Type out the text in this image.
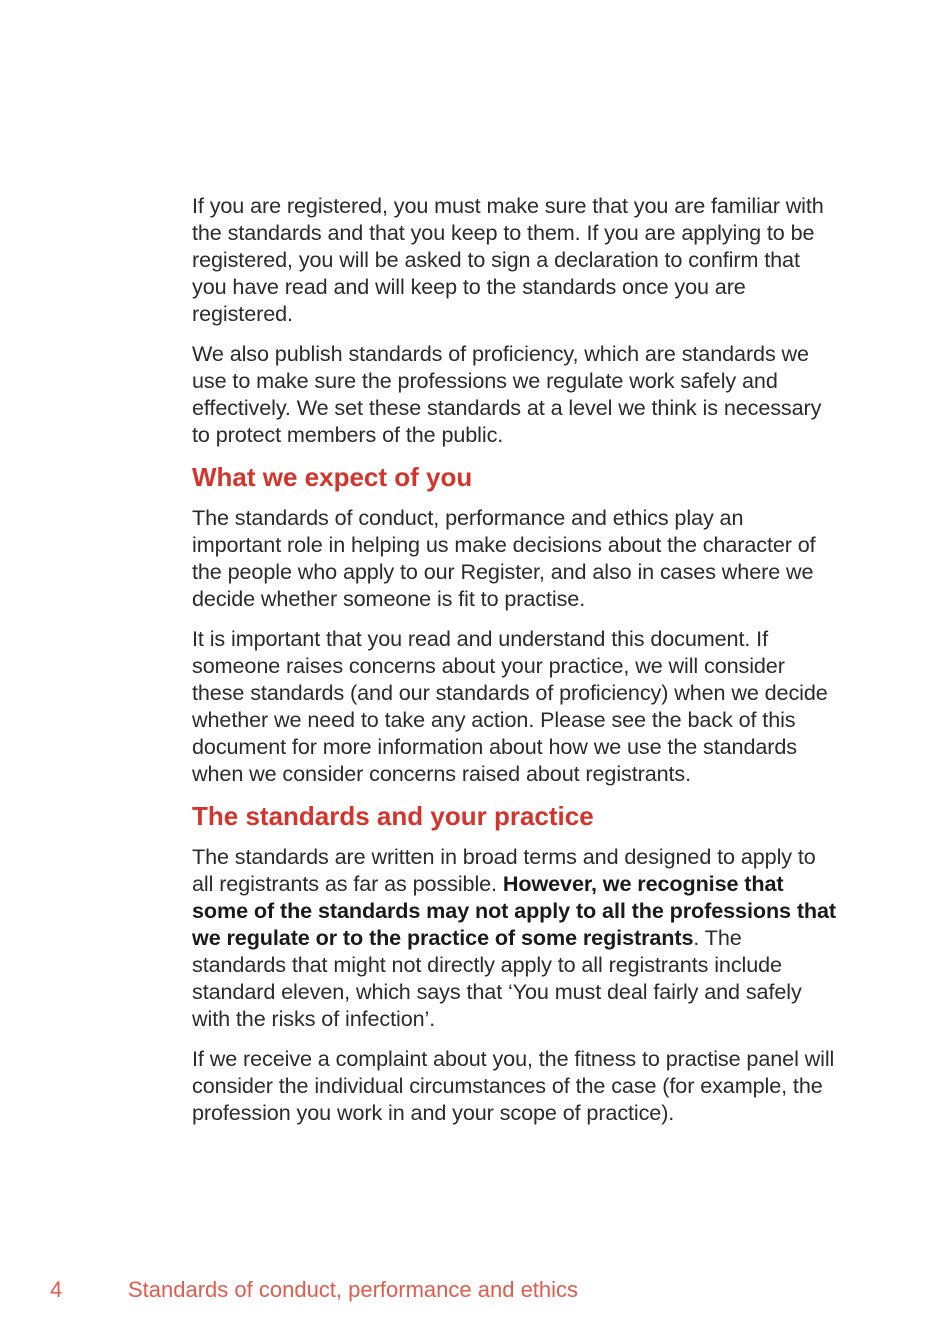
If you are registered, you must make sure that you are familiar with the standards and that you keep to them. If you are applying to be registered, you will be asked to sign a declaration to confirm that you have read and will keep to the standards once you are registered.

We also publish standards of proficiency, which are standards we use to make sure the professions we regulate work safely and effectively. We set these standards at a level we think is necessary to protect members of the public.

What we expect of you

The standards of conduct, performance and ethics play an important role in helping us make decisions about the character of the people who apply to our Register, and also in cases where we decide whether someone is fit to practise.

It is important that you read and understand this document. If someone raises concerns about your practice, we will consider these standards (and our standards of proficiency) when we decide whether we need to take any action. Please see the back of this document for more information about how we use the standards when we consider concerns raised about registrants.

The standards and your practice

The standards are written in broad terms and designed to apply to all registrants as far as possible. However, we recognise that some of the standards may not apply to all the professions that we regulate or to the practice of some registrants. The standards that might not directly apply to all registrants include standard eleven, which says that ‘You must deal fairly and safely with the risks of infection’.

If we receive a complaint about you, the fitness to practise panel will consider the individual circumstances of the case (for example, the profession you work in and your scope of practice).

4	Standards of conduct, performance and ethics
